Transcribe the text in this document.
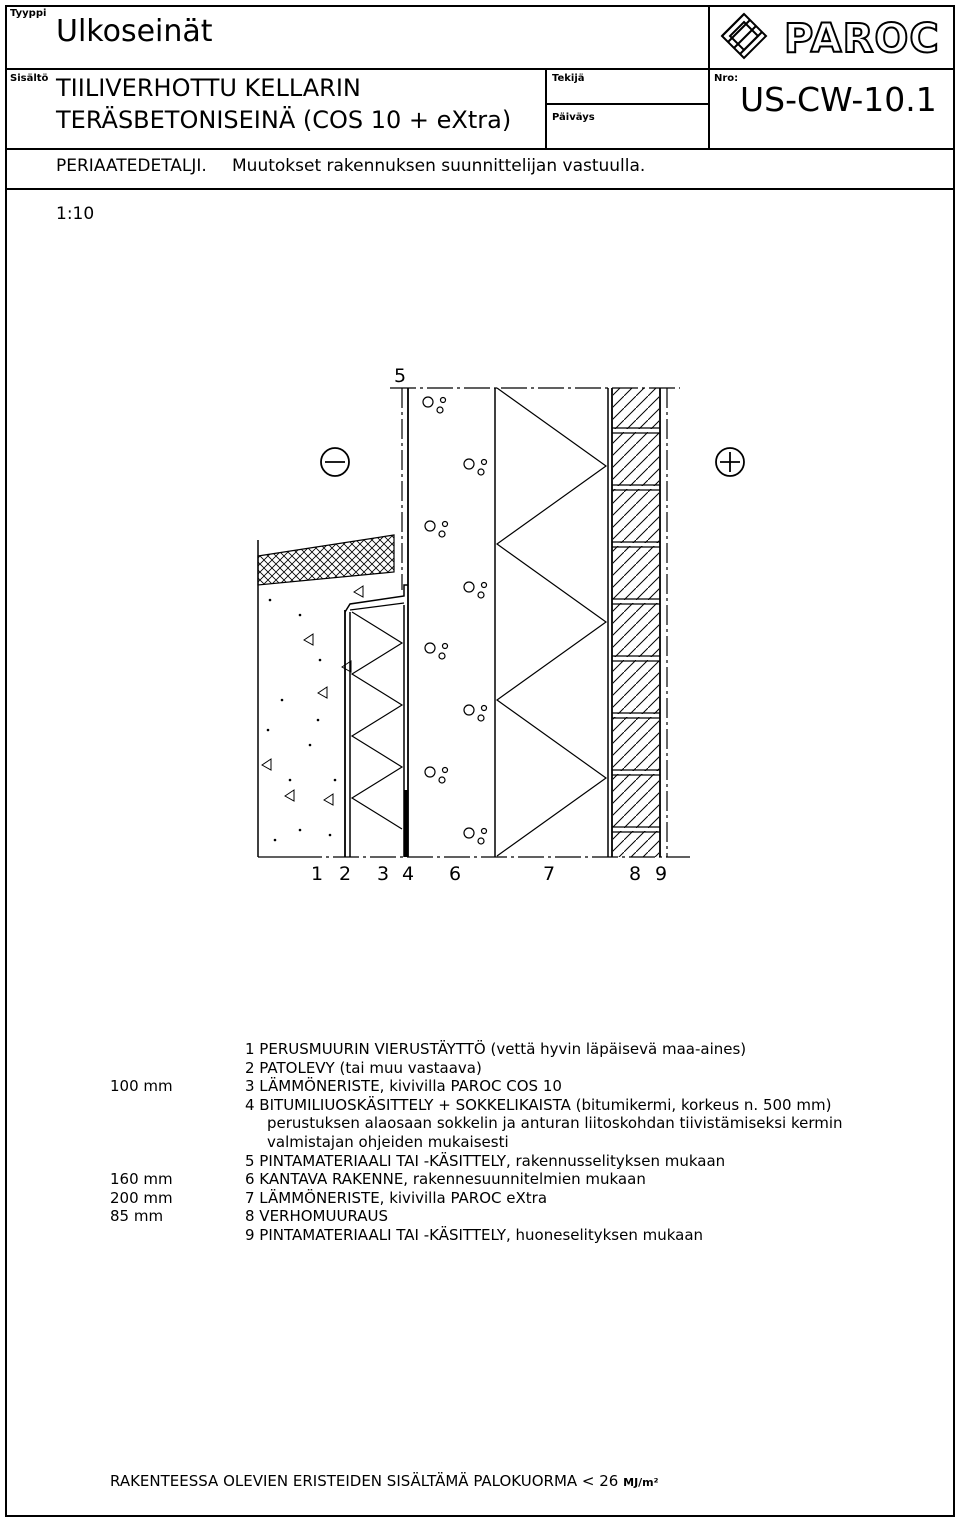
Tyyppi
Ulkoseinät
Sisältö TIILIVERHOTTU KELLARIN
TERÄSBETONISEINÄ (COS 10 + eXtra)
Tekijä
Päiväys
Nro:
US-CW-10.1
PERIAATEDETALJI. Muutokset rakennuksen suunnittelijan vastuulla.
1:10
PAROC
5
1 2 3 4 6	7	8 9
1 PERUSMUURIN VIERUSTÄYTTÖ (vettä hyvin läpäisevä maa-aines)
2 PATOLEVY (tai muu vastaava)
100 mm	3 LÄMMÖNERISTE, kivivilla PAROC COS 10
4 BITUMILIUOSKÄSITTELY + SOKKELIKAISTA (bitumikermi, korkeus n. 500 mm)
perustuksen alaosaan sokkelin ja anturan liitoskohdan tiivistämiseksi kermin
valmistajan ohjeiden mukaisesti
5 PINTAMATERIAALI TAI -KÄSITTELY, rakennusselityksen mukaan
160 mm	6 KANTAVA RAKENNE, rakennesuunnitelmien mukaan
200 mm	7 LÄMMÖNERISTE, kivivilla PAROC eXtra
85 mm	8 VERHOMUURAUS
9 PINTAMATERIAALI TAI -KÄSITTELY, huoneselityksen mukaan
RAKENTEESSA OLEVIEN ERISTEIDEN SISÄLTÄMÄ PALOKUORMA < 26 MJ/m²
